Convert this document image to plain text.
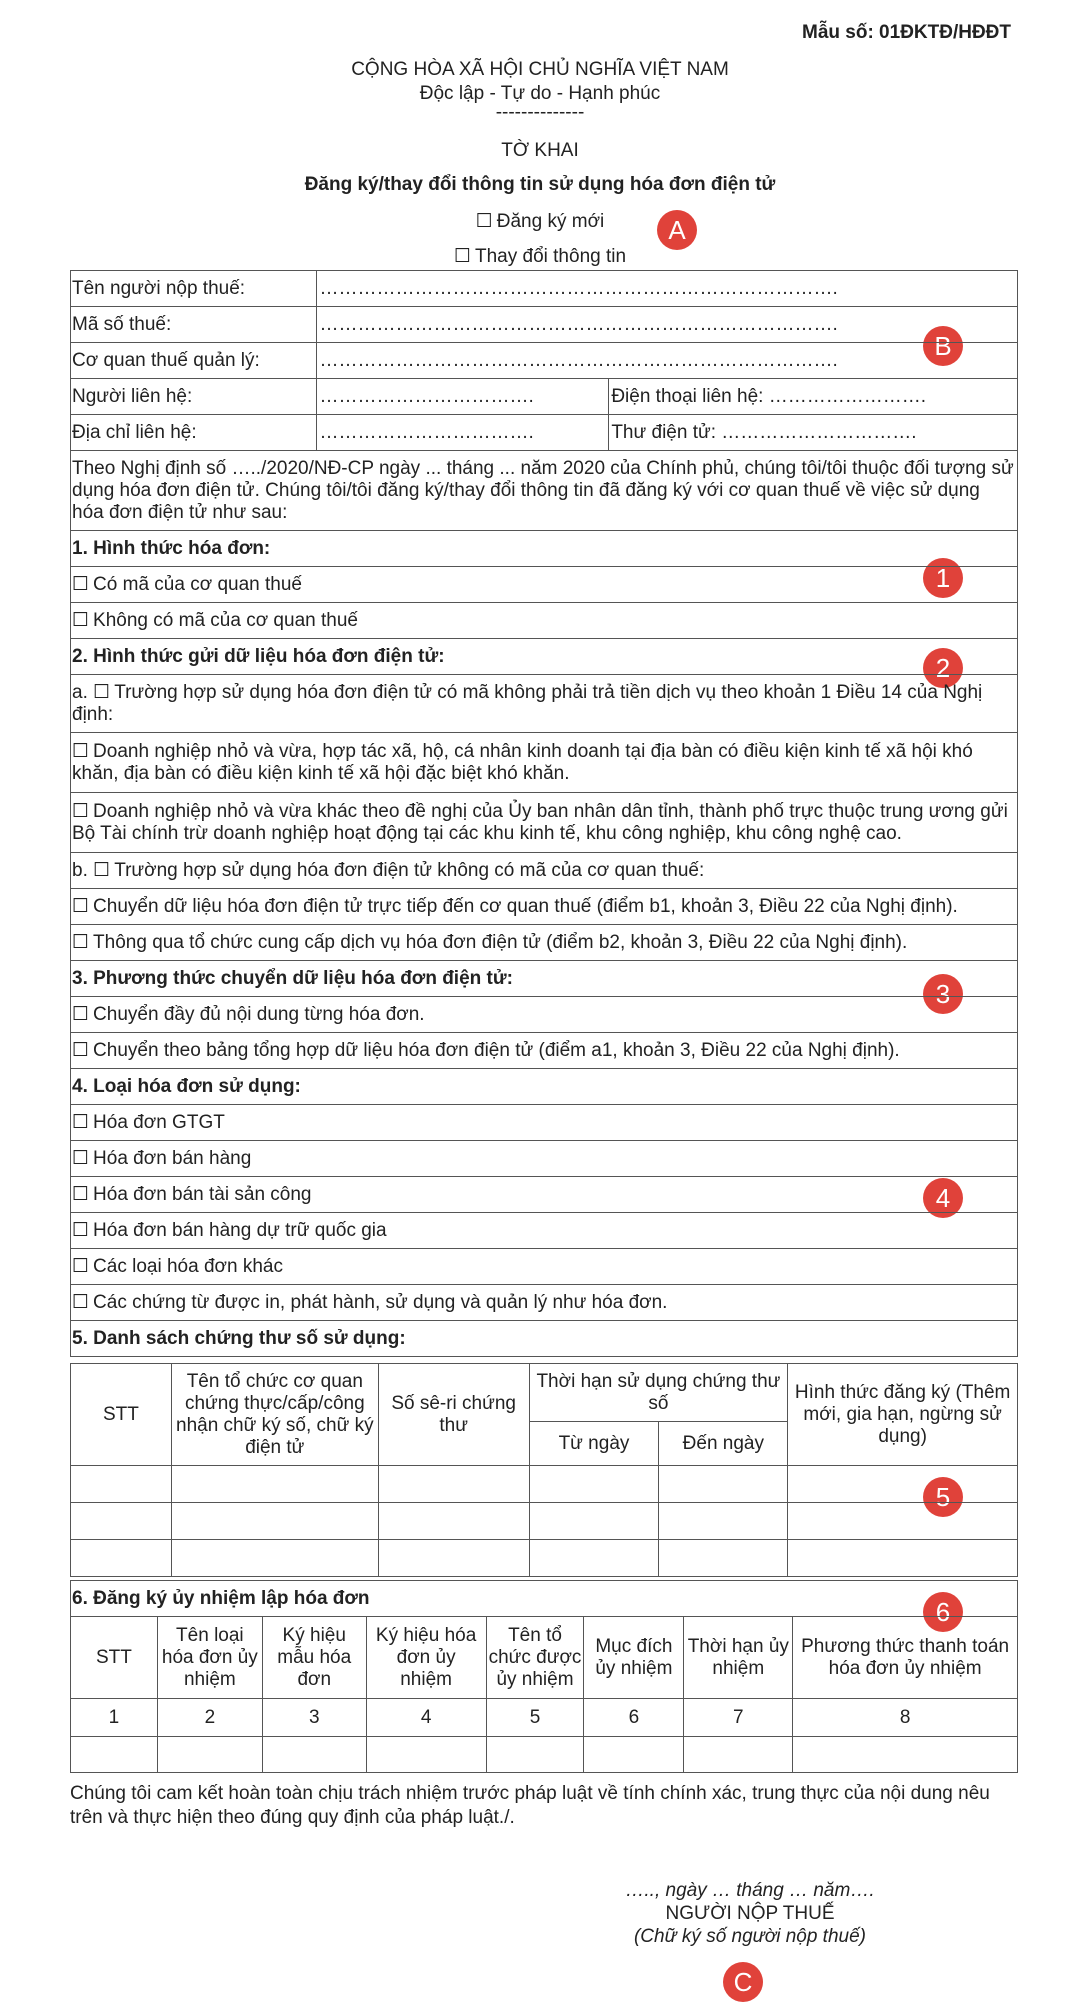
Mẫu số: 01ĐKTĐ/HĐĐT
CỘNG HÒA XÃ HỘI CHỦ NGHĨA VIỆT NAM
Độc lập - Tự do - Hạnh phúc
--------------
TỜ KHAI
Đăng ký/thay đổi thông tin sử dụng hóa đơn điện tử
☐ Đăng ký mới
☐ Thay đổi thông tin
A
B
1
2
3
4
5
6
C
Tên người nộp thuế:	……………………………………………………………………….	
Mã số thuế:	……………………………………………………………………….	
Cơ quan thuế quản lý:	……………………………………………………………………….	
Người liên hệ:	…………………………….	Điện thoại liên hệ: …………………….
Địa chỉ liên hệ:	…………………………….	Thư điện tử: ………………………….
Theo Nghị định số …../2020/NĐ-CP ngày ... tháng ... năm 2020 của Chính phủ, chúng tôi/tôi thuộc đối tượng sử dụng hóa đơn điện tử. Chúng tôi/tôi đăng ký/thay đổi thông tin đã đăng ký với cơ quan thuế về việc sử dụng hóa đơn điện tử như sau:		
1. Hình thức hóa đơn:		
☐ Có mã của cơ quan thuế
☐ Không có mã của cơ quan thuế
2. Hình thức gửi dữ liệu hóa đơn điện tử:		
a. ☐ Trường hợp sử dụng hóa đơn điện tử có mã không phải trả tiền dịch vụ theo khoản 1 Điều 14 của Nghị định:
☐ Doanh nghiệp nhỏ và vừa, hợp tác xã, hộ, cá nhân kinh doanh tại địa bàn có điều kiện kinh tế xã hội khó khăn, địa bàn có điều kiện kinh tế xã hội đặc biệt khó khăn.
☐ Doanh nghiệp nhỏ và vừa khác theo đề nghị của Ủy ban nhân dân tỉnh, thành phố trực thuộc trung ương gửi Bộ Tài chính trừ doanh nghiệp hoạt động tại các khu kinh tế, khu công nghiệp, khu công nghệ cao.
b. ☐ Trường hợp sử dụng hóa đơn điện tử không có mã của cơ quan thuế:
☐ Chuyển dữ liệu hóa đơn điện tử trực tiếp đến cơ quan thuế (điểm b1, khoản 3, Điều 22 của Nghị định).
☐ Thông qua tổ chức cung cấp dịch vụ hóa đơn điện tử (điểm b2, khoản 3, Điều 22 của Nghị định).
3. Phương thức chuyển dữ liệu hóa đơn điện tử:		
☐ Chuyển đầy đủ nội dung từng hóa đơn.
☐ Chuyển theo bảng tổng hợp dữ liệu hóa đơn điện tử (điểm a1, khoản 3, Điều 22 của Nghị định).
4. Loại hóa đơn sử dụng:		
☐ Hóa đơn GTGT
☐ Hóa đơn bán hàng
☐ Hóa đơn bán tài sản công
☐ Hóa đơn bán hàng dự trữ quốc gia
☐ Các loại hóa đơn khác
☐ Các chứng từ được in, phát hành, sử dụng và quản lý như hóa đơn.
5. Danh sách chứng thư số sử dụng:		
STT	Tên tổ chức cơ quan chứng thực/cấp/công nhận chữ ký số, chữ ký điện tử	Số sê-ri chứng thư	Thời hạn sử dụng chứng thư số		Hình thức đăng ký (Thêm mới, gia hạn, ngừng sử dụng)
			Từ ngày	Đến ngày	

6. Đăng ký ủy nhiệm lập hóa đơn
STT	Tên loại hóa đơn ủy nhiệm	Ký hiệu mẫu hóa đơn	Ký hiệu hóa đơn ủy nhiệm	Tên tổ chức được ủy nhiệm	Mục đích ủy nhiệm	Thời hạn ủy nhiệm	Phương thức thanh toán hóa đơn ủy nhiệm
1	2	3	4	5	6	7	8

Chúng tôi cam kết hoàn toàn chịu trách nhiệm trước pháp luật về tính chính xác, trung thực của nội dung nêu trên và thực hiện theo đúng quy định của pháp luật./.
….., ngày … tháng … năm….
NGƯỜI NỘP THUẾ
(Chữ ký số người nộp thuế)
